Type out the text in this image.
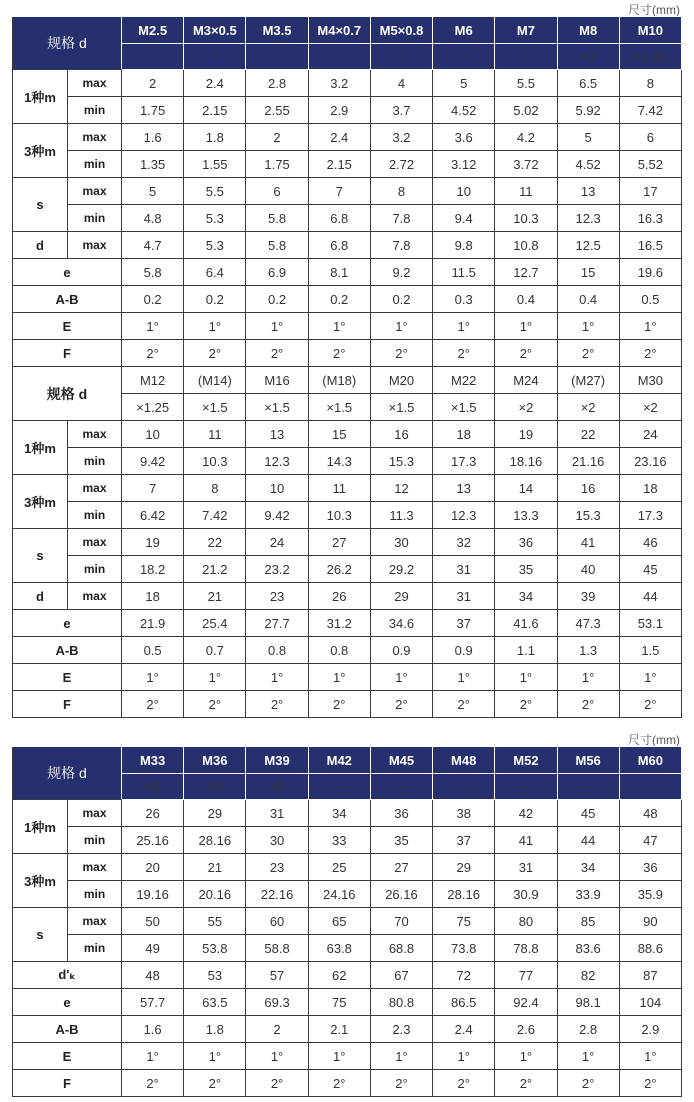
尺寸(mm)
规格 d		M2.5	M3×0.5	M3.5	M4×0.7	M5×0.8	M6	M7	M8	M10
		-	-	-	-	-	-	-	×1	×1.25
1种m	max	2	2.4	2.8	3.2	4	5	5.5	6.5	8
	min	1.75	2.15	2.55	2.9	3.7	4.52	5.02	5.92	7.42
3种m	max	1.6	1.8	2	2.4	3.2	3.6	4.2	5	6
	min	1.35	1.55	1.75	2.15	2.72	3.12	3.72	4.52	5.52
s	max	5	5.5	6	7	8	10	11	13	17
	min	4.8	5.3	5.8	6.8	7.8	9.4	10.3	12.3	16.3
d	max	4.7	5.3	5.8	6.8	7.8	9.8	10.8	12.5	16.5
e		5.8	6.4	6.9	8.1	9.2	11.5	12.7	15	19.6
A-B		0.2	0.2	0.2	0.2	0.2	0.3	0.4	0.4	0.5
E		1°	1°	1°	1°	1°	1°	1°	1°	1°
F		2°	2°	2°	2°	2°	2°	2°	2°	2°
规格 d		M12	(M14)	M16	(M18)	M20	M22	M24	(M27)	M30
		×1.25	×1.5	×1.5	×1.5	×1.5	×1.5	×2	×2	×2
1种m	max	10	11	13	15	16	18	19	22	24
	min	9.42	10.3	12.3	14.3	15.3	17.3	18.16	21.16	23.16
3种m	max	7	8	10	11	12	13	14	16	18
	min	6.42	7.42	9.42	10.3	11.3	12.3	13.3	15.3	17.3
s	max	19	22	24	27	30	32	36	41	46
	min	18.2	21.2	23.2	26.2	29.2	31	35	40	45
d	max	18	21	23	26	29	31	34	39	44
e		21.9	25.4	27.7	31.2	34.6	37	41.6	47.3	53.1
A-B		0.5	0.7	0.8	0.8	0.9	0.9	1.1	1.3	1.5
E		1°	1°	1°	1°	1°	1°	1°	1°	1°
F		2°	2°	2°	2°	2°	2°	2°	2°	2°
尺寸(mm)
规格 d		M33	M36	M39	M42	M45	M48	M52	M56	M60
		×2	×3	×3	-	-	-	-	-	-
1种m	max	26	29	31	34	36	38	42	45	48
	min	25.16	28.16	30	33	35	37	41	44	47
3种m	max	20	21	23	25	27	29	31	34	36
	min	19.16	20.16	22.16	24.16	26.16	28.16	30.9	33.9	35.9
s	max	50	55	60	65	70	75	80	85	90
	min	49	53.8	58.8	63.8	68.8	73.8	78.8	83.6	88.6
d'ₖ		48	53	57	62	67	72	77	82	87
e		57.7	63.5	69.3	75	80.8	86.5	92.4	98.1	104
A-B		1.6	1.8	2	2.1	2.3	2.4	2.6	2.8	2.9
E		1°	1°	1°	1°	1°	1°	1°	1°	1°
F		2°	2°	2°	2°	2°	2°	2°	2°	2°
